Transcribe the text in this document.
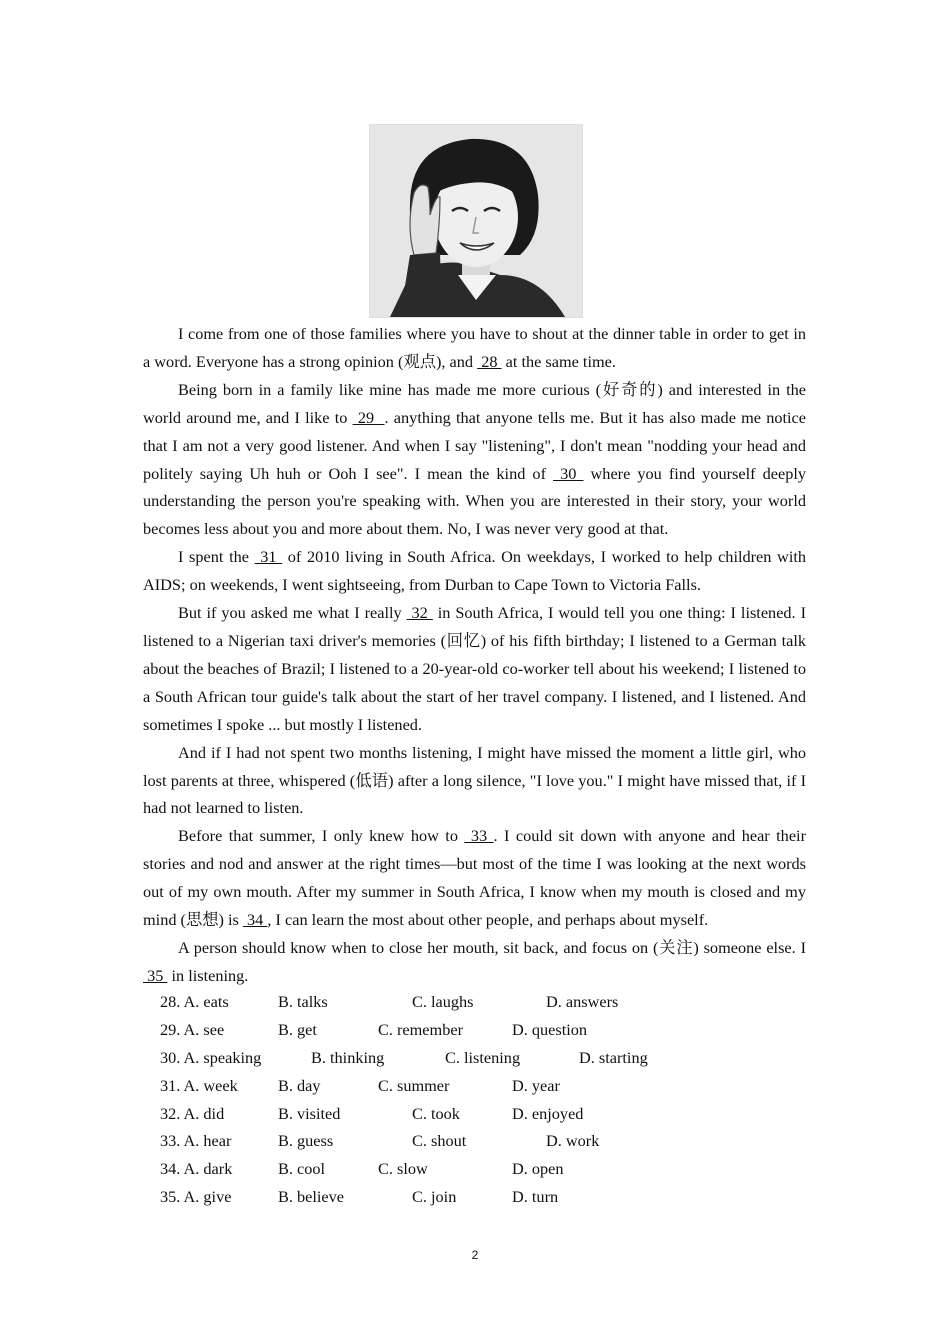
I come from one of those families where you have to shout at the dinner table in order to get in a word. Everyone has a strong opinion (观点), and  28  at the same time.

Being born in a family like mine has made me more curious (好奇的) and interested in the world around me, and I like to  29  . anything that anyone tells me. But it has also made me notice that I am not a very good listener. And when I say "listening", I don't mean "nodding your head and politely saying Uh huh or Ooh I see". I mean the kind of  30  where you find yourself deeply understanding the person you're speaking with. When you are interested in their story, your world becomes less about you and more about them. No, I was never very good at that.

I spent the  31  of 2010 living in South Africa. On weekdays, I worked to help children with AIDS; on weekends, I went sightseeing, from Durban to Cape Town to Victoria Falls.

But if you asked me what I really  32  in South Africa, I would tell you one thing: I listened. I listened to a Nigerian taxi driver's memories (回忆) of his fifth birthday; I listened to a German talk about the beaches of Brazil; I listened to a 20-year-old co-worker tell about his weekend; I listened to a South African tour guide's talk about the start of her travel company. I listened, and I listened. And sometimes I spoke ... but mostly I listened.

And if I had not spent two months listening, I might have missed the moment a little girl, who lost parents at three, whispered (低语) after a long silence, "I love you." I might have missed that, if I had not learned to listen.

Before that summer, I only knew how to  33 . I could sit down with anyone and hear their stories and nod and answer at the right times—but most of the time I was looking at the next words out of my own mouth. After my summer in South Africa, I know when my mouth is closed and my mind (思想) is  34 , I can learn the most about other people, and perhaps about myself.

A person should know when to close her mouth, sit back, and focus on (关注) someone else. I  35  in listening.

28. A. eats	B. talks	C. laughs	D. answers
29. A. see	B. get	C. remember	D. question
30. A. speaking	B. thinking	C. listening	D. starting
31. A. week B. day	C. summer	D. year
32. A. did	B. visited	C. took	D. enjoyed
33. A. hear	B. guess	C. shout	D. work
34. A. dark	B. cool	C. slow	D. open
35. A. give	B. believe	C. join	D. turn
2
